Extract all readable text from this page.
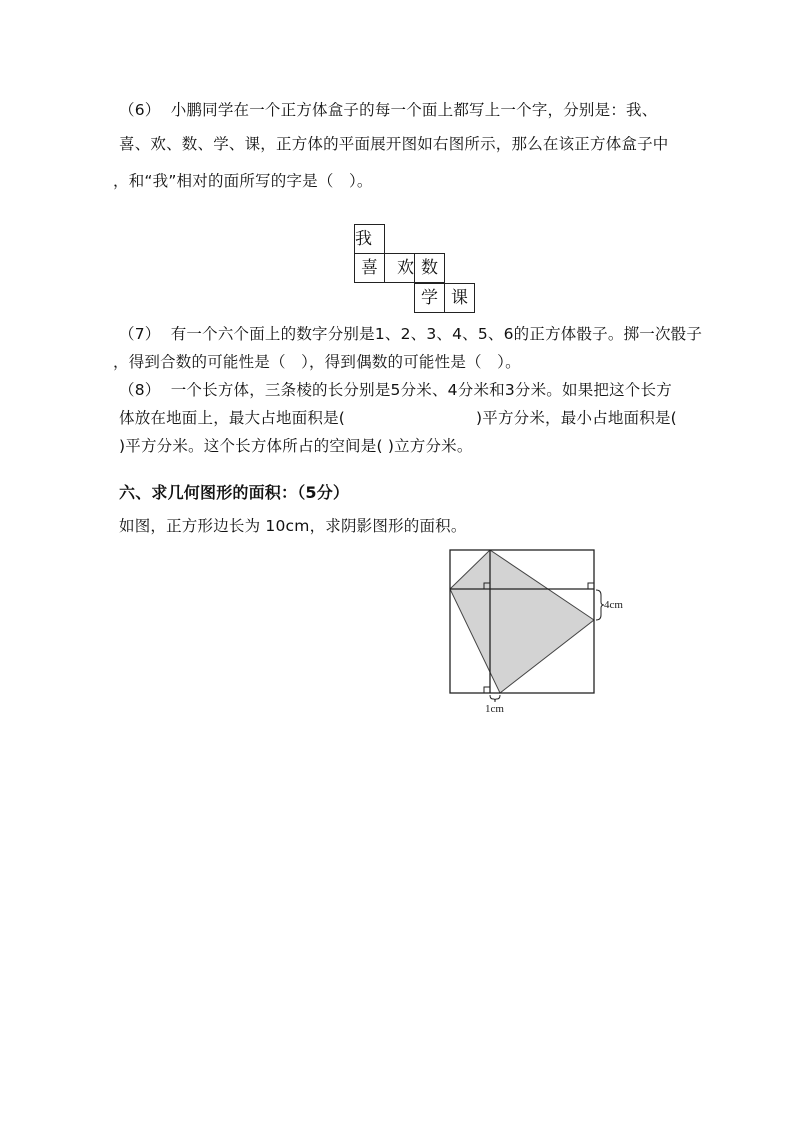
（6）  小鹏同学在一个正方体盒子的每一个面上都写上一个字，分别是：我、
喜、欢、数、学、课，正方体的平面展开图如右图所示，那么在该正方体盒子中
，和“我”相对的面所写的字是（   ）。
我
喜	欢 数
学 课
（7）  有一个六个面上的数字分别是1、2、3、4、5、6的正方体骰子。掷一次骰子
，得到合数的可能性是（   ），得到偶数的可能性是（   ）。
（8）  一个长方体，三条棱的长分别是5分米、4分米和3分米。如果把这个长方
体放在地面上，最大占地面积是(	)平方分米，最小占地面积是(
)平方分米。这个长方体所占的空间是( )立方分米。
六、求几何图形的面积：（5分）
如图，正方形边长为 10cm，求阴影图形的面积。
4cm
1cm
